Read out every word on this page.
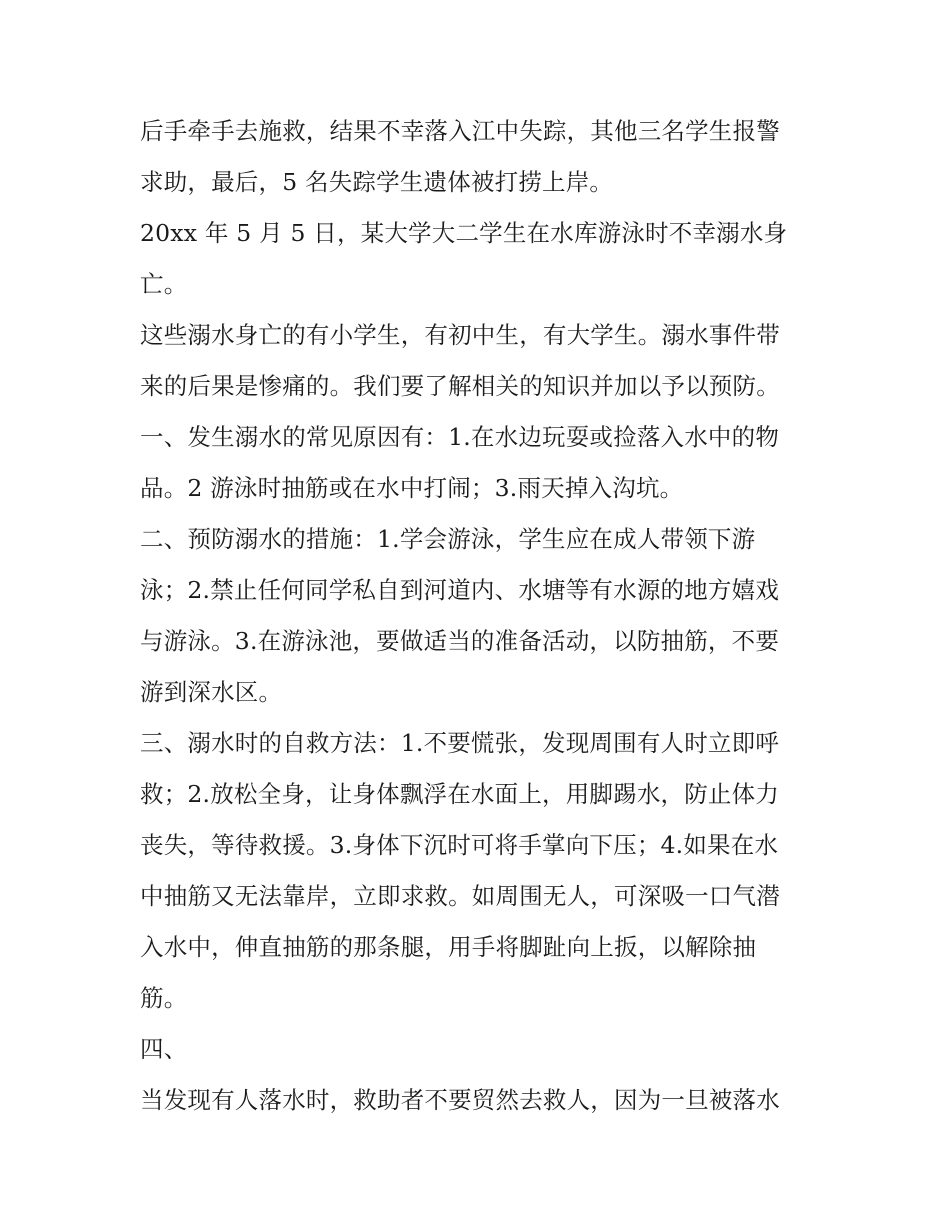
后手牵手去施救，结果不幸落入江中失踪，其他三名学生报警
求助，最后，5 名失踪学生遗体被打捞上岸。
20xx 年 5 月 5 日，某大学大二学生在水库游泳时不幸溺水身
亡。
这些溺水身亡的有小学生，有初中生，有大学生。溺水事件带
来的后果是惨痛的。我们要了解相关的知识并加以予以预防。
一、发生溺水的常见原因有：1.在水边玩耍或捡落入水中的物
品。2 游泳时抽筋或在水中打闹；3.雨天掉入沟坑。
二、预防溺水的措施：1.学会游泳，学生应在成人带领下游
泳；2.禁止任何同学私自到河道内、水塘等有水源的地方嬉戏
与游泳。3.在游泳池，要做适当的准备活动，以防抽筋，不要
游到深水区。
三、溺水时的自救方法：1.不要慌张，发现周围有人时立即呼
救；2.放松全身，让身体飘浮在水面上，用脚踢水，防止体力
丧失，等待救援。3.身体下沉时可将手掌向下压；4.如果在水
中抽筋又无法靠岸，立即求救。如周围无人，可深吸一口气潜
入水中，伸直抽筋的那条腿，用手将脚趾向上扳，以解除抽
筋。
四、
当发现有人落水时，救助者不要贸然去救人，因为一旦被落水
